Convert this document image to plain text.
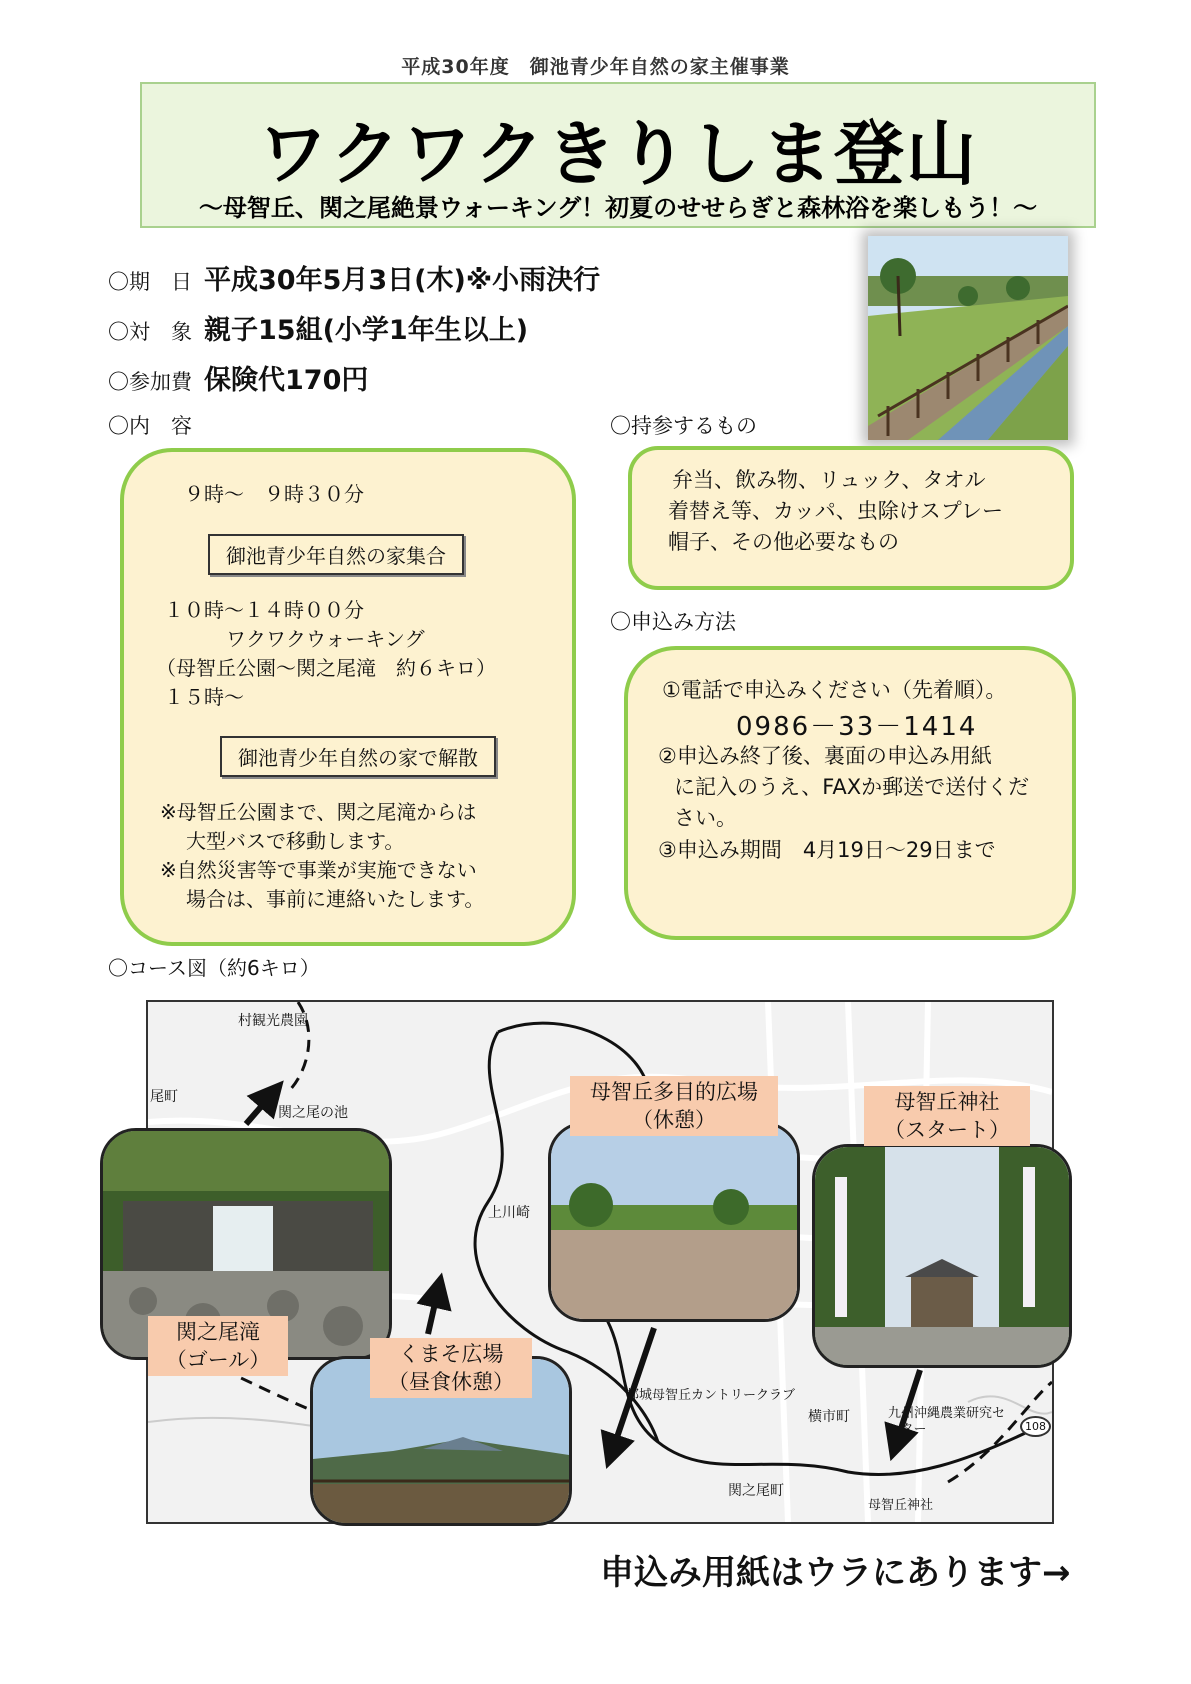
平成30年度　御池青少年自然の家主催事業
ワクワクきりしま登山
～母智丘、関之尾絶景ウォーキング！初夏のせせらぎと森林浴を楽しもう！～
〇期　日 平成30年5月3日(木)※小雨決行
〇対　象 親子15組(小学1年生以上)
〇参加費 保険代170円
〇内　容
９時～　９時３０分
御池青少年自然の家集合
１０時～１４時００分
ワクワクウォーキング
（母智丘公園～関之尾滝　約６キロ）
１５時～
御池青少年自然の家で解散
※母智丘公園まで、関之尾滝からは
大型バスで移動します。
※自然災害等で事業が実施できない
場合は、事前に連絡いたします。
〇持参するもの
弁当、飲み物、リュック、タオル
着替え等、カッパ、虫除けスプレー
帽子、その他必要なもの
〇申込み方法
①電話で申込みください（先着順）。
0986－33－1414
②申込み終了後、裏面の申込み用紙
に記入のうえ、FAXか郵送で送付くだ
さい。
③申込み期間　4月19日～29日まで
〇コース図（約6キロ）
村観光農園
尾町
関之尾の池
上川崎
都城母智丘カントリークラブ
横市町	九州沖縄農業研究センター
関之尾町
母智丘神社
108
関之尾滝
（ゴール）	くまそ広場
（昼食休憩）
母智丘多目的広場
（休憩）
母智丘神社
（スタート）
申込み用紙はウラにあります→
